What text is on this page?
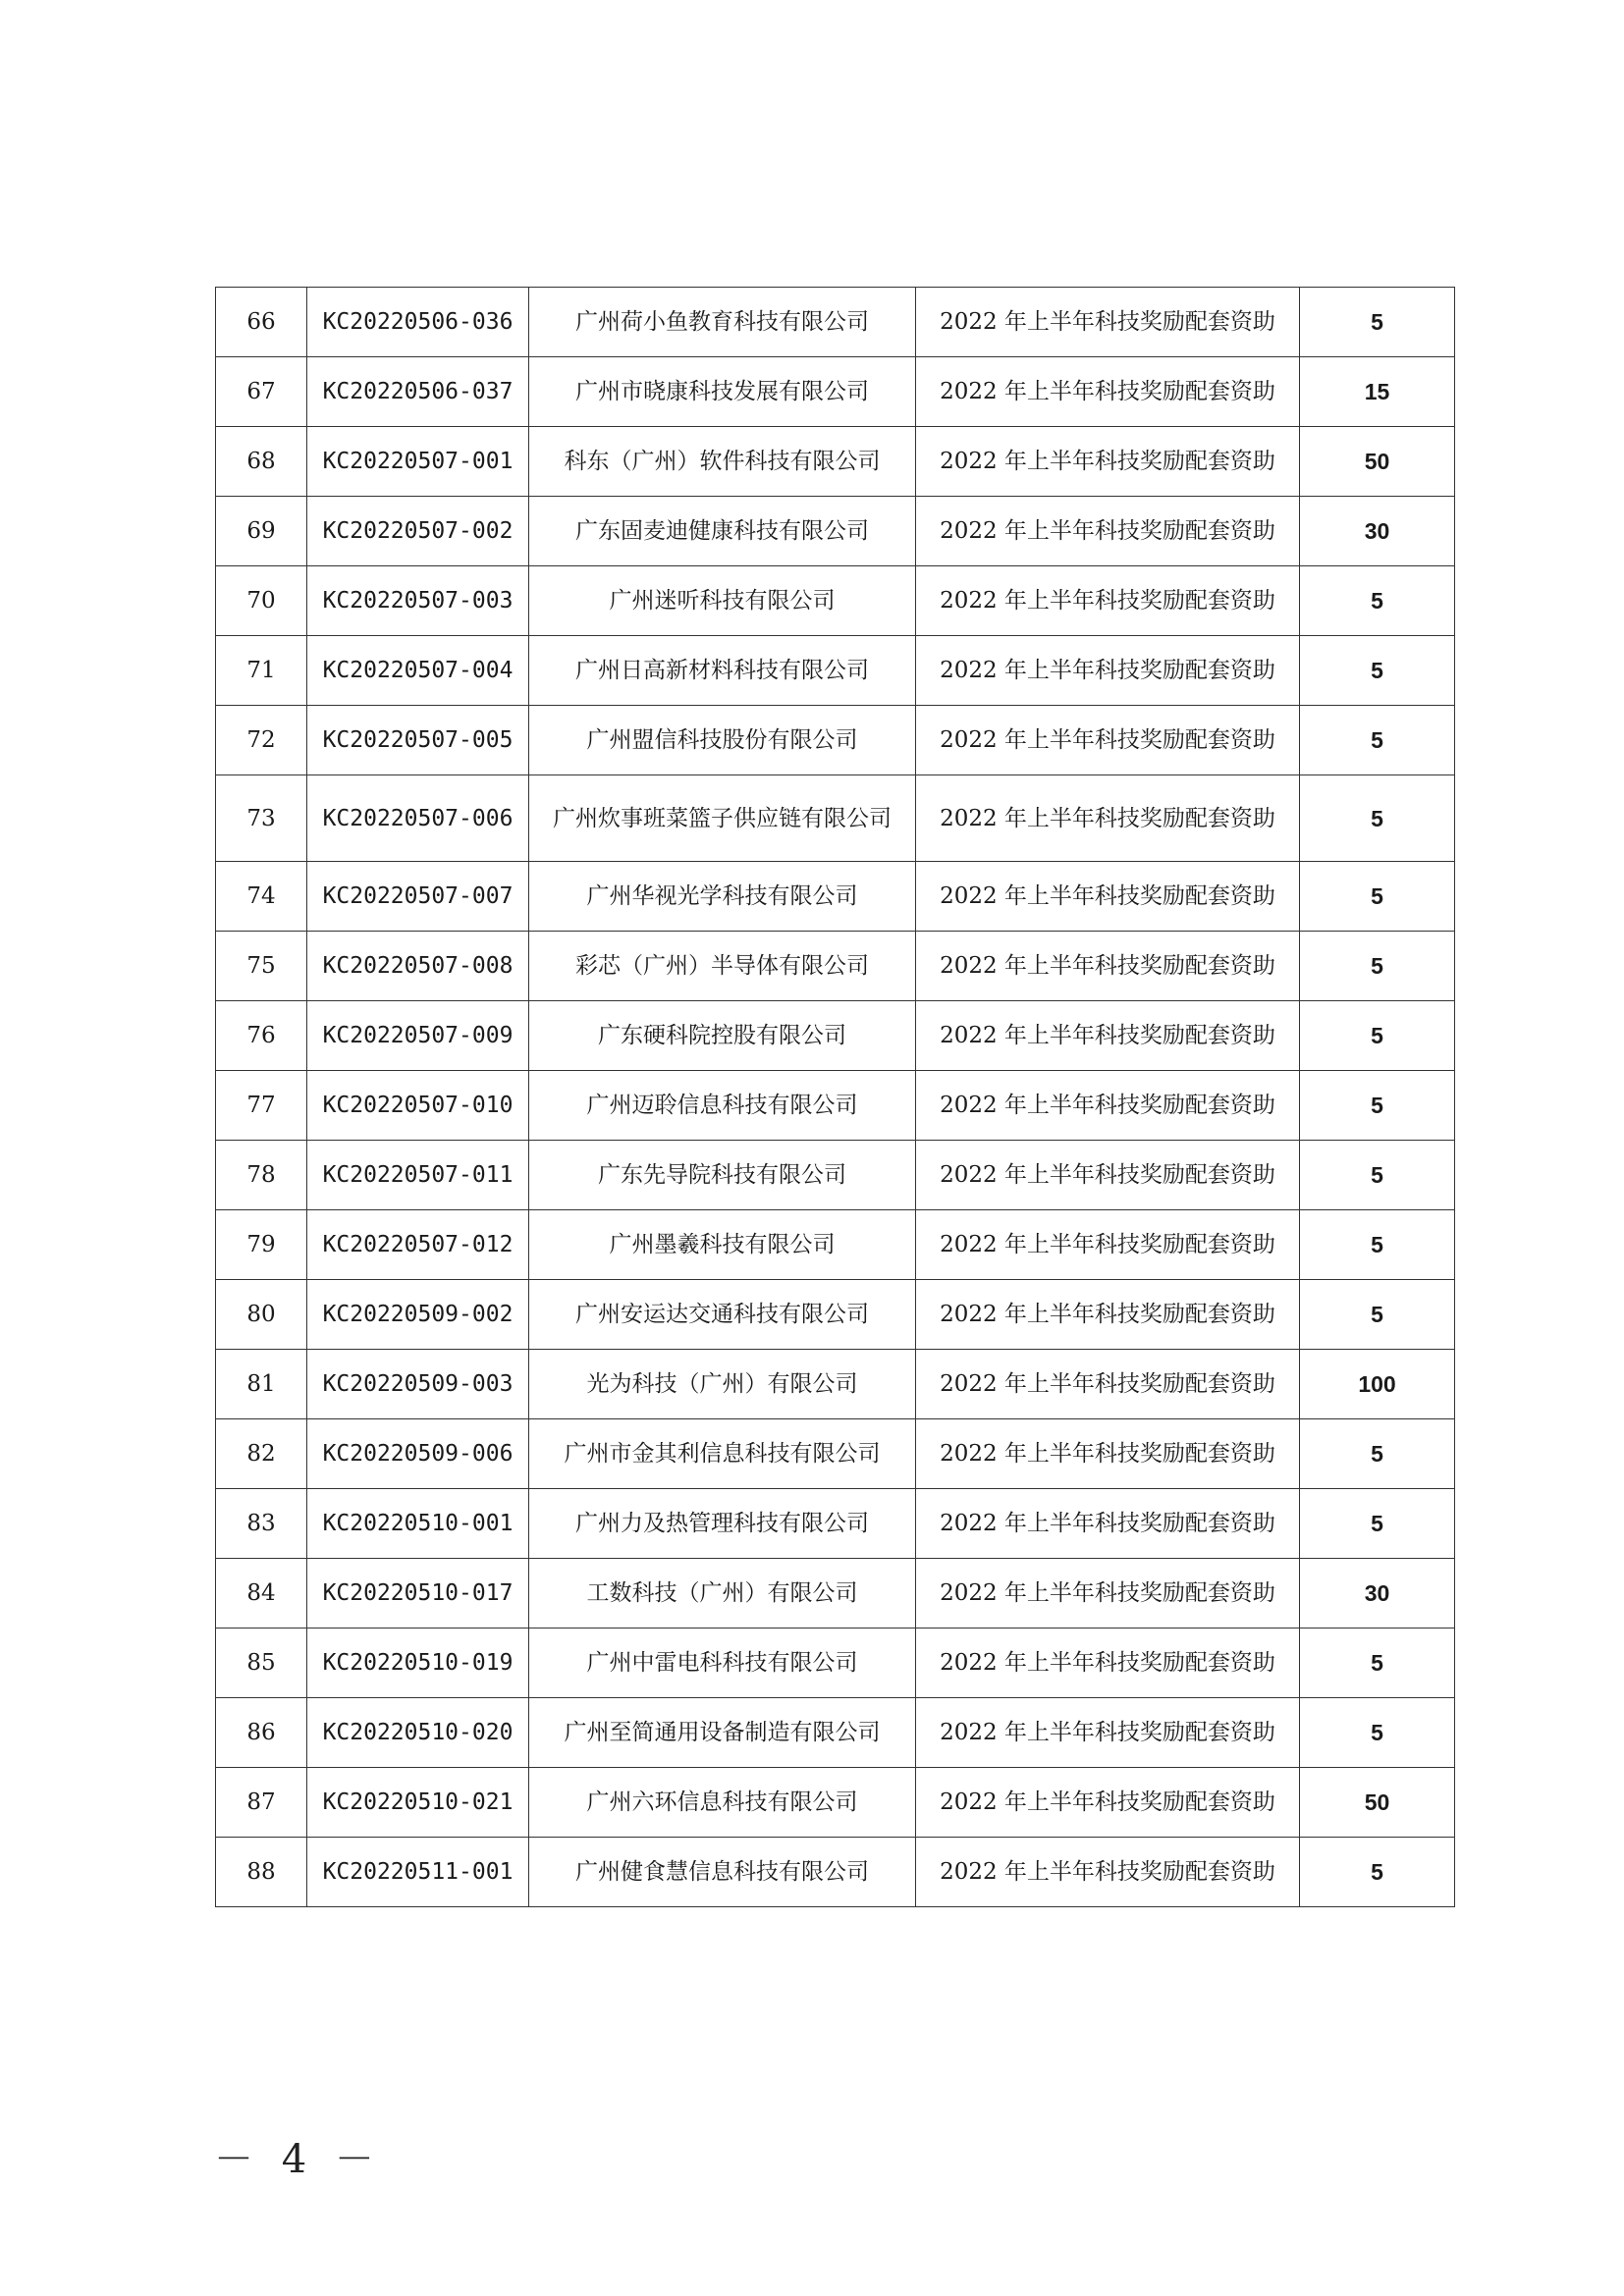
66	KC20220506-036	广州荷小鱼教育科技有限公司	2022 年上半年科技奖励配套资助	5
67	KC20220506-037	广州市晓康科技发展有限公司	2022 年上半年科技奖励配套资助	15
68	KC20220507-001	科东（广州）软件科技有限公司	2022 年上半年科技奖励配套资助	50
69	KC20220507-002	广东固麦迪健康科技有限公司	2022 年上半年科技奖励配套资助	30
70	KC20220507-003	广州迷听科技有限公司	2022 年上半年科技奖励配套资助	5
71	KC20220507-004	广州日高新材料科技有限公司	2022 年上半年科技奖励配套资助	5
72	KC20220507-005	广州盟信科技股份有限公司	2022 年上半年科技奖励配套资助	5
73	KC20220507-006	广州炊事班菜篮子供应链有限公司	2022 年上半年科技奖励配套资助	5
74	KC20220507-007	广州华视光学科技有限公司	2022 年上半年科技奖励配套资助	5
75	KC20220507-008	彩芯（广州）半导体有限公司	2022 年上半年科技奖励配套资助	5
76	KC20220507-009	广东硬科院控股有限公司	2022 年上半年科技奖励配套资助	5
77	KC20220507-010	广州迈聆信息科技有限公司	2022 年上半年科技奖励配套资助	5
78	KC20220507-011	广东先导院科技有限公司	2022 年上半年科技奖励配套资助	5
79	KC20220507-012	广州墨羲科技有限公司	2022 年上半年科技奖励配套资助	5
80	KC20220509-002	广州安运达交通科技有限公司	2022 年上半年科技奖励配套资助	5
81	KC20220509-003	光为科技（广州）有限公司	2022 年上半年科技奖励配套资助	100
82	KC20220509-006	广州市金其利信息科技有限公司	2022 年上半年科技奖励配套资助	5
83	KC20220510-001	广州力及热管理科技有限公司	2022 年上半年科技奖励配套资助	5
84	KC20220510-017	工数科技（广州）有限公司	2022 年上半年科技奖励配套资助	30
85	KC20220510-019	广州中雷电科科技有限公司	2022 年上半年科技奖励配套资助	5
86	KC20220510-020	广州至简通用设备制造有限公司	2022 年上半年科技奖励配套资助	5
87	KC20220510-021	广州六环信息科技有限公司	2022 年上半年科技奖励配套资助	50
88	KC20220511-001	广州健食慧信息科技有限公司	2022 年上半年科技奖励配套资助	5
－ 4 －
